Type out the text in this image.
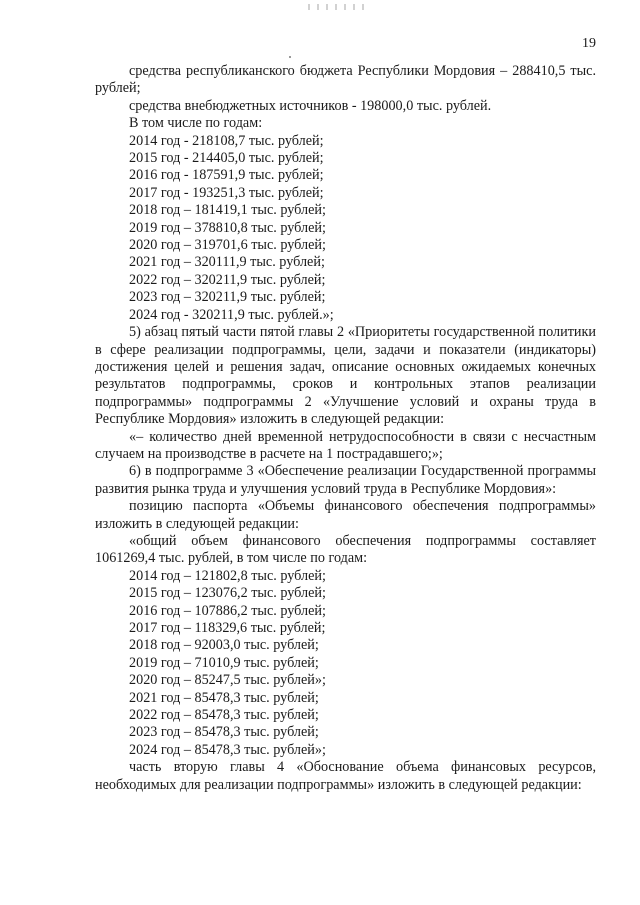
19

средства республиканского бюджета Республики Мордовия – 288410,5 тыс. рублей;

средства внебюджетных источников - 198000,0 тыс. рублей.

В том числе по годам:

2014 год - 218108,7 тыс. рублей;

2015 год - 214405,0 тыс. рублей;

2016 год - 187591,9 тыс. рублей;

2017 год - 193251,3 тыс. рублей;

2018 год – 181419,1 тыс. рублей;

2019 год – 378810,8 тыс. рублей;

2020 год – 319701,6 тыс. рублей;

2021 год – 320111,9 тыс. рублей;

2022 год – 320211,9 тыс. рублей;

2023 год – 320211,9 тыс. рублей;

2024 год - 320211,9 тыс. рублей.»;

5) абзац пятый части пятой главы 2 «Приоритеты государственной политики в сфере реализации подпрограммы, цели, задачи и показатели (индикаторы) достижения целей и решения задач, описание основных ожидаемых конечных результатов подпрограммы, сроков и контрольных этапов реализации подпрограммы» подпрограммы 2 «Улучшение условий и охраны труда в Республике Мордовия» изложить в следующей редакции:

«– количество дней временной нетрудоспособности в связи с несчастным случаем на производстве в расчете на 1 пострадавшего;»;

6) в подпрограмме 3 «Обеспечение реализации Государственной программы развития рынка труда и улучшения условий труда в Республике Мордовия»:

позицию паспорта «Объемы финансового обеспечения подпрограммы» изложить в следующей редакции:

«общий объем финансового обеспечения подпрограммы составляет 1061269,4 тыс. рублей, в том числе по годам:

2014 год – 121802,8 тыс. рублей;

2015 год – 123076,2 тыс. рублей;

2016 год – 107886,2 тыс. рублей;

2017 год – 118329,6 тыс. рублей;

2018 год – 92003,0 тыс. рублей;

2019 год – 71010,9 тыс. рублей;

2020 год – 85247,5 тыс. рублей»;

2021 год – 85478,3 тыс. рублей;

2022 год – 85478,3 тыс. рублей;

2023 год – 85478,3 тыс. рублей;

2024 год – 85478,3 тыс. рублей»;

часть вторую главы 4 «Обоснование объема финансовых ресурсов, необходимых для реализации подпрограммы» изложить в следующей редакции:
